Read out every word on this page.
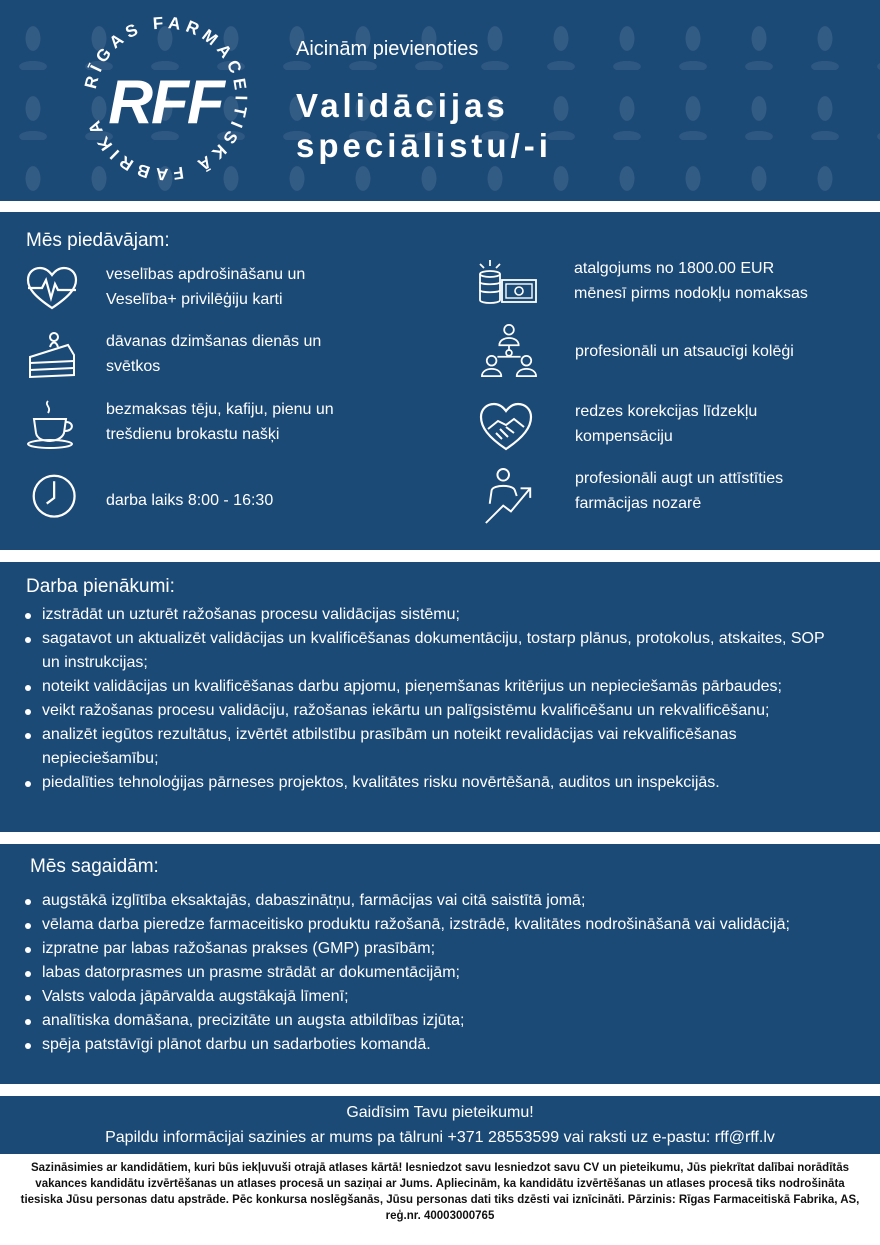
RĪGAS FARMACEITISKĀ FABRIKA RFF
Aicinām pievienoties
Validācijas
speciālistu/-i
Mēs piedāvājam:
veselības apdrošināšanu un
Veselība+ privilēģiju karti
dāvanas dzimšanas dienās un
svētkos
bezmaksas tēju, kafiju, pienu un
trešdienu brokastu našķi
darba laiks 8:00 - 16:30
atalgojums no 1800.00 EUR
mēnesī pirms nodokļu nomaksas
profesionāli un atsaucīgi kolēģi
redzes korekcijas līdzekļu
kompensāciju
profesionāli augt un attīstīties
farmācijas nozarē
Darba pienākumi:
izstrādāt un uzturēt ražošanas procesu validācijas sistēmu;
sagatavot un aktualizēt validācijas un kvalificēšanas dokumentāciju, tostarp plānus, protokolus, atskaites, SOP un instrukcijas;
noteikt validācijas un kvalificēšanas darbu apjomu, pieņemšanas kritērijus un nepieciešamās pārbaudes;
veikt ražošanas procesu validāciju, ražošanas iekārtu un palīgsistēmu kvalificēšanu un rekvalificēšanu;
analizēt iegūtos rezultātus, izvērtēt atbilstību prasībām un noteikt revalidācijas vai rekvalificēšanas nepieciešamību;
piedalīties tehnoloģijas pārneses projektos, kvalitātes risku novērtēšanā, auditos un inspekcijās.
Mēs sagaidām:
augstākā izglītība eksaktajās, dabaszinātņu, farmācijas vai citā saistītā jomā;
vēlama darba pieredze farmaceitisko produktu ražošanā, izstrādē, kvalitātes nodrošināšanā vai validācijā;
izpratne par labas ražošanas prakses (GMP) prasībām;
labas datorprasmes un prasme strādāt ar dokumentācijām;
Valsts valoda jāpārvalda augstākajā līmenī;
analītiska domāšana, precizitāte un augsta atbildības izjūta;
spēja patstāvīgi plānot darbu un sadarboties komandā.
Gaidīsim Tavu pieteikumu!
Papildu informācijai sazinies ar mums pa tālruni +371 28553599 vai raksti uz e-pastu: rff@rff.lv
Sazināsimies ar kandidātiem, kuri būs iekļuvuši otrajā atlases kārtā! Iesniedzot savu Iesniedzot savu CV un pieteikumu, Jūs piekrītat dalībai norādītās vakances kandidātu izvērtēšanas un atlases procesā un saziņai ar Jums. Apliecinām, ka kandidātu izvērtēšanas un atlases procesā tiks nodrošināta tiesiska Jūsu personas datu apstrāde. Pēc konkursa noslēgšanās, Jūsu personas dati tiks dzēsti vai iznīcināti. Pārzinis: Rīgas Farmaceitiskā Fabrika, AS, reģ.nr. 40003000765
